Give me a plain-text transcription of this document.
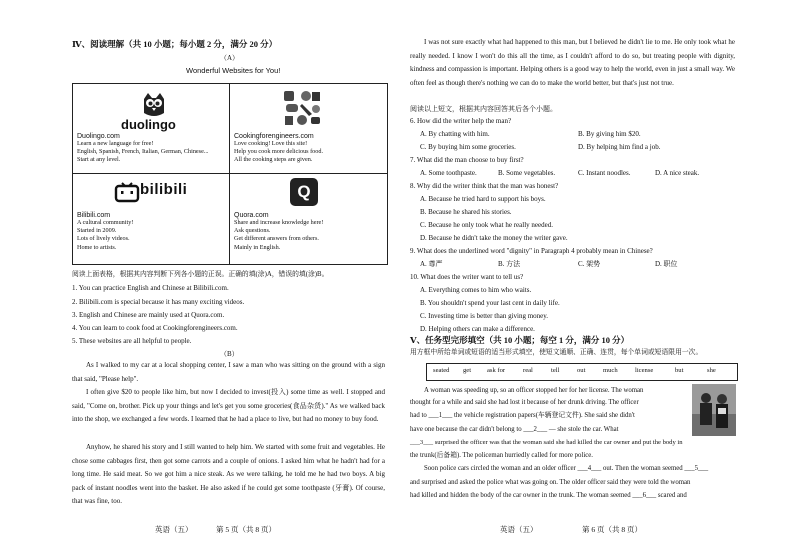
Ⅳ、阅读理解（共 10 小题；每小题 2 分，满分 20 分）
（A）
Wonderful Websites for You!
duolingo
Duolingo.com
Learn a new language for free!
English, Spanish, French, Italian, German, Chinese...
Start at any level.
Cookingforengineers.com
Love cooking! Love this site!
Help you cook more delicious food.
All the cooking steps are given.
bilibili
Bilibili.com
A cultural community!
Started in 2009.
Lots of lively videos.
Home to artists.
Q
Quora.com
Share and increase knowledge here!
Ask questions.
Get different answers from others.
Mainly in English.
阅读上面表格，根据其内容判断下列各小题的正误。正确的填(涂)A，错误的填(涂)B。
1. You can practice English and Chinese at Bilibili.com.
2. Bilibili.com is special because it has many exciting videos.
3. English and Chinese are mainly used at Quora.com.
4. You can learn to cook food at Cookingforengineers.com.
5. These websites are all helpful to people.
（B）
As I walked to my car at a local shopping center, I saw a man who was sitting on the ground with a sign that said, "Please help".
I often give $20 to people like him, but now I decided to invest(投入) some time as well. I stopped and said, "Come on, brother. Pick up your things and let's get you some groceries(食品杂货)." As we walked back into the shop, we exchanged a few words. I learned that he had a place to live, but had no money to buy food.
Anyhow, he shared his story and I still wanted to help him. We started with some fruit and vegetables. He chose some cabbages first, then got some carrots and a couple of onions. I asked him what he hadn't had for a long time. He said meat. So we got him a nice steak. As we were talking, he told me he had two boys. A big pack of instant noodles went into the basket. He also asked if he could get some toothpaste (牙膏). Of course, that was fine, too.
英语（五）	第 5 页（共 8 页）
I was not sure exactly what had happened to this man, but I believed he didn't lie to me. He only took what he really needed. I know I won't do this all the time, as I couldn't afford to do so, but treating people with dignity, kindness and compassion is important. Helping others is a good way to help the world, even in just a small way. We often feel as though there's nothing we can do to make the world better, but that's just not true.
阅读以上短文，根据其内容回答其后各个小题。
6. How did the writer help the man?
A. By chatting with him.	B. By giving him $20.
C. By buying him some groceries.	D. By helping him find a job.
7. What did the man choose to buy first?
A. Some toothpaste.	B. Some vegetables.	C. Instant noodles.	D. A nice steak.
8. Why did the writer think that the man was honest?
A. Because he tried hard to support his boys.
B. Because he shared his stories.
C. Because he only took what he really needed.
D. Because he didn't take the money the writer gave.
9. What does the underlined word "dignity" in Paragraph 4 probably mean in Chinese?
A. 尊严	B. 方法	C. 架势	D. 职位
10. What does the writer want to tell us?
A. Everything comes to him who waits.
B. You shouldn't spend your last cent in daily life.
C. Investing time is better than giving money.
D. Helping others can make a difference.
Ⅴ、任务型完形填空（共 10 小题；每空 1 分，满分 10 分）
用方框中所给单词或短语的适当形式填空，使短文通顺、正确、连贯，每个单词或短语限用一次。
seated get ask for	real	tell	out	much	license	but	she
A woman was speeding up, so an officer stopped her for her license. The woman
thought for a while and said she had lost it because of her drunk driving. The officer
had to ___1___ the vehicle registration papers(车辆登记文件). She said she didn't
have one because the car didn't belong to ___2___ — she stole the car. What
___3___ surprised the officer was that the woman said she had killed the car owner and put the body in
the trunk(后备箱). The policeman hurriedly called for more police.
Soon police cars circled the woman and an older officer ___4___ out. Then the woman seemed ___5___
and surprised and asked the police what was going on. The older officer said they were told the woman
had killed and hidden the body of the car owner in the trunk. The woman seemed ___6___ scared and
英语（五）	第 6 页（共 8 页）
